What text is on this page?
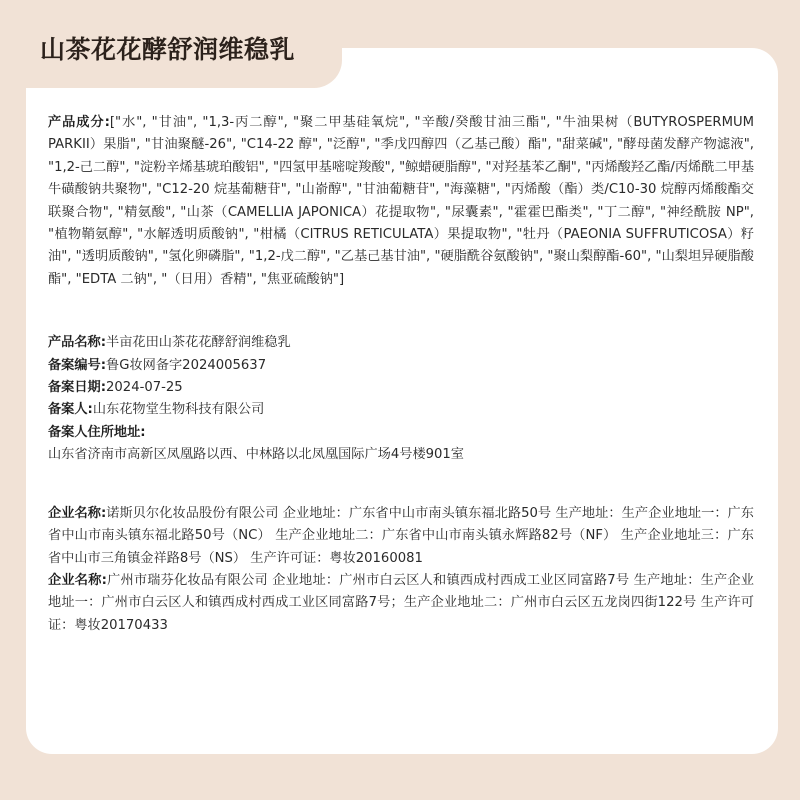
山茶花花酵舒润维稳乳

产品成分:["水", "甘油", "1,3-丙二醇", "聚二甲基硅氧烷", "辛酸/癸酸甘油三酯", "牛油果树（BUTYROSPERMUM PARKII）果脂", "甘油聚醚-26", "C14-22 醇", "泛醇", "季戊四醇四（乙基己酸）酯", "甜菜碱", "酵母菌发酵产物滤液", "1,2-己二醇", "淀粉辛烯基琥珀酸铝", "四氢甲基嘧啶羧酸", "鲸蜡硬脂醇", "对羟基苯乙酮", "丙烯酸羟乙酯/丙烯酰二甲基牛磺酸钠共聚物", "C12-20 烷基葡糖苷", "山嵛醇", "甘油葡糖苷", "海藻糖", "丙烯酸（酯）类/C10-30 烷醇丙烯酸酯交联聚合物", "精氨酸", "山茶（CAMELLIA JAPONICA）花提取物", "尿囊素", "霍霍巴酯类", "丁二醇", "神经酰胺 NP", "植物鞘氨醇", "水解透明质酸钠", "柑橘（CITRUS RETICULATA）果提取物", "牡丹（PAEONIA SUFFRUTICOSA）籽油", "透明质酸钠", "氢化卵磷脂", "1,2-戊二醇", "乙基己基甘油", "硬脂酰谷氨酸钠", "聚山梨醇酯-60", "山梨坦异硬脂酸酯", "EDTA 二钠", "（日用）香精", "焦亚硫酸钠"]

产品名称:半亩花田山茶花花酵舒润维稳乳

备案编号:鲁G妆网备字2024005637

备案日期:2024-07-25

备案人:山东花物堂生物科技有限公司

备案人住所地址:

山东省济南市高新区凤凰路以西、中林路以北凤凰国际广场4号楼901室

企业名称:诺斯贝尔化妆品股份有限公司 企业地址：广东省中山市南头镇东福北路50号 生产地址：生产企业地址一：广东省中山市南头镇东福北路50号（NC） 生产企业地址二：广东省中山市南头镇永辉路82号（NF） 生产企业地址三：广东省中山市三角镇金祥路8号（NS） 生产许可证：粤妆20160081

企业名称:广州市瑞芬化妆品有限公司 企业地址：广州市白云区人和镇西成村西成工业区同富路7号 生产地址：生产企业地址一：广州市白云区人和镇西成村西成工业区同富路7号；生产企业地址二：广州市白云区五龙岗四街122号 生产许可证：粤妆20170433
